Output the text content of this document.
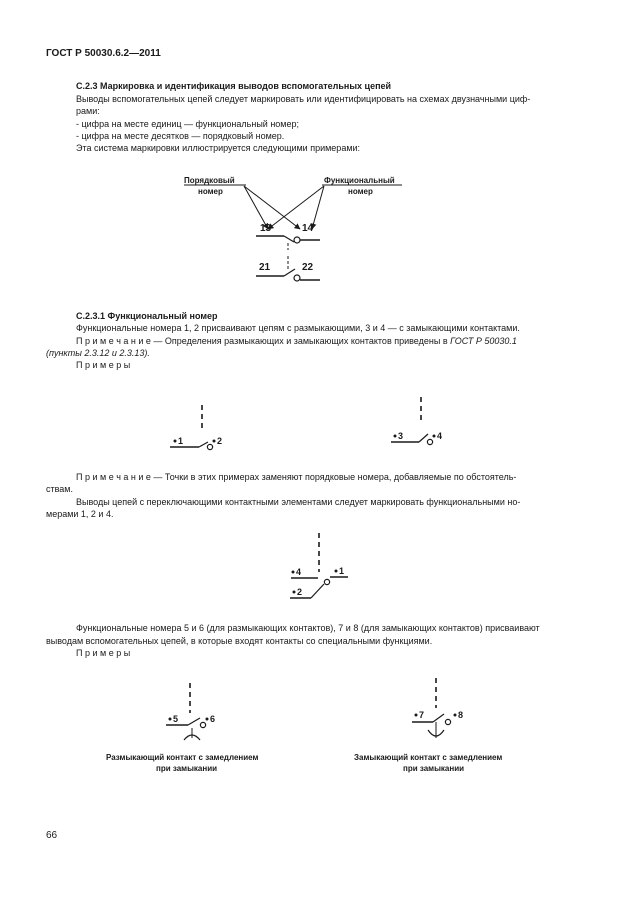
ГОСТ Р 50030.6.2—2011
С.2.3 Маркировка и идентификация выводов вспомогательных цепей
Выводы вспомогательных цепей следует маркировать или идентифицировать на схемах двузначными циф-
рами:
- цифра на месте единиц — функциональный номер;
- цифра на месте десятков — порядковый номер.
Эта система маркировки иллюстрируется следующими примерами:
Порядковый
номер
Функциональный
номер
13	14
21	22
С.2.3.1 Функциональный номер
Функциональные номера 1, 2 присваивают цепям с размыкающими, 3 и 4 — с замыкающими контактами.
П р и м е ч а н и е — Определения размыкающих и замыкающих контактов приведены в ГОСТ Р 50030.1
(пункты 2.3.12 и 2.3.13).
П р и м е р ы
1	2	3	4
П р и м е ч а н и е — Точки в этих примерах заменяют порядковые номера, добавляемые по обстоятель-
ствам.
Выводы цепей с переключающими контактными элементами следует маркировать функциональными но-
мерами 1, 2 и 4.
4	1
2
Функциональные номера 5 и 6 (для размыкающих контактов), 7 и 8 (для замыкающих контактов) присваивают
выводам вспомогательных цепей, в которые входят контакты со специальными функциями.
П р и м е р ы
5	6	7	8
Размыкающий контакт с замедлением
при замыкании
Замыкающий контакт с замедлением
при замыкании
66
